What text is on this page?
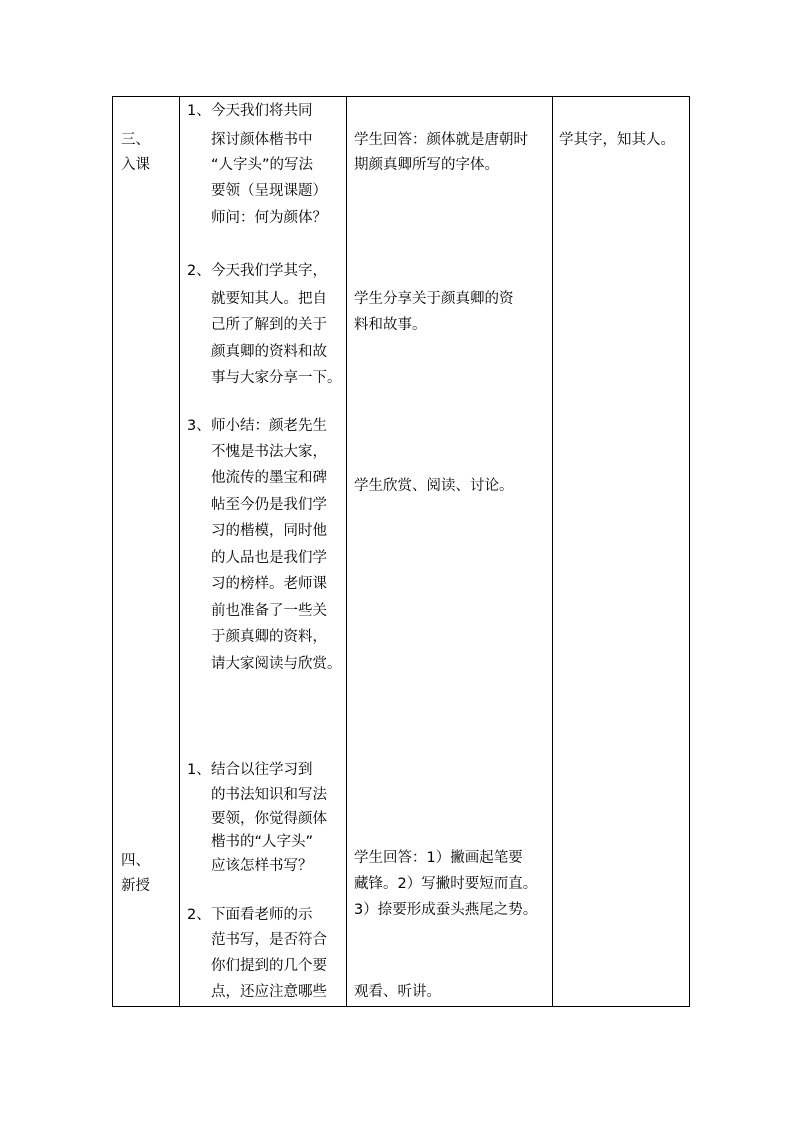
三、
入课
四、
新授
1、 今天我们将共同
探讨颜体楷书中
“人字头”的写法
要领（呈现课题）
师问：何为颜体？
2、 今天我们学其字，
就要知其人。把自
己所了解到的关于
颜真卿的资料和故
事与大家分享一下。
3、 师小结：颜老先生
不愧是书法大家，
他流传的墨宝和碑
帖至今仍是我们学
习的楷模，同时他
的人品也是我们学
习的榜样。老师课
前也准备了一些关
于颜真卿的资料，
请大家阅读与欣赏。
1、 结合以往学习到
的书法知识和写法
要领，你觉得颜体
楷书的“人字头”
应该怎样书写？
2、 下面看老师的示
范书写，是否符合
你们提到的几个要
点，还应注意哪些
学生回答：颜体就是唐朝时
期颜真卿所写的字体。
学生分享关于颜真卿的资
料和故事。
学生欣赏、阅读、讨论。
学生回答：1）撇画起笔要
藏锋。2）写撇时要短而直。
3）捺要形成蚕头燕尾之势。
观看、听讲。
学其字，知其人。
